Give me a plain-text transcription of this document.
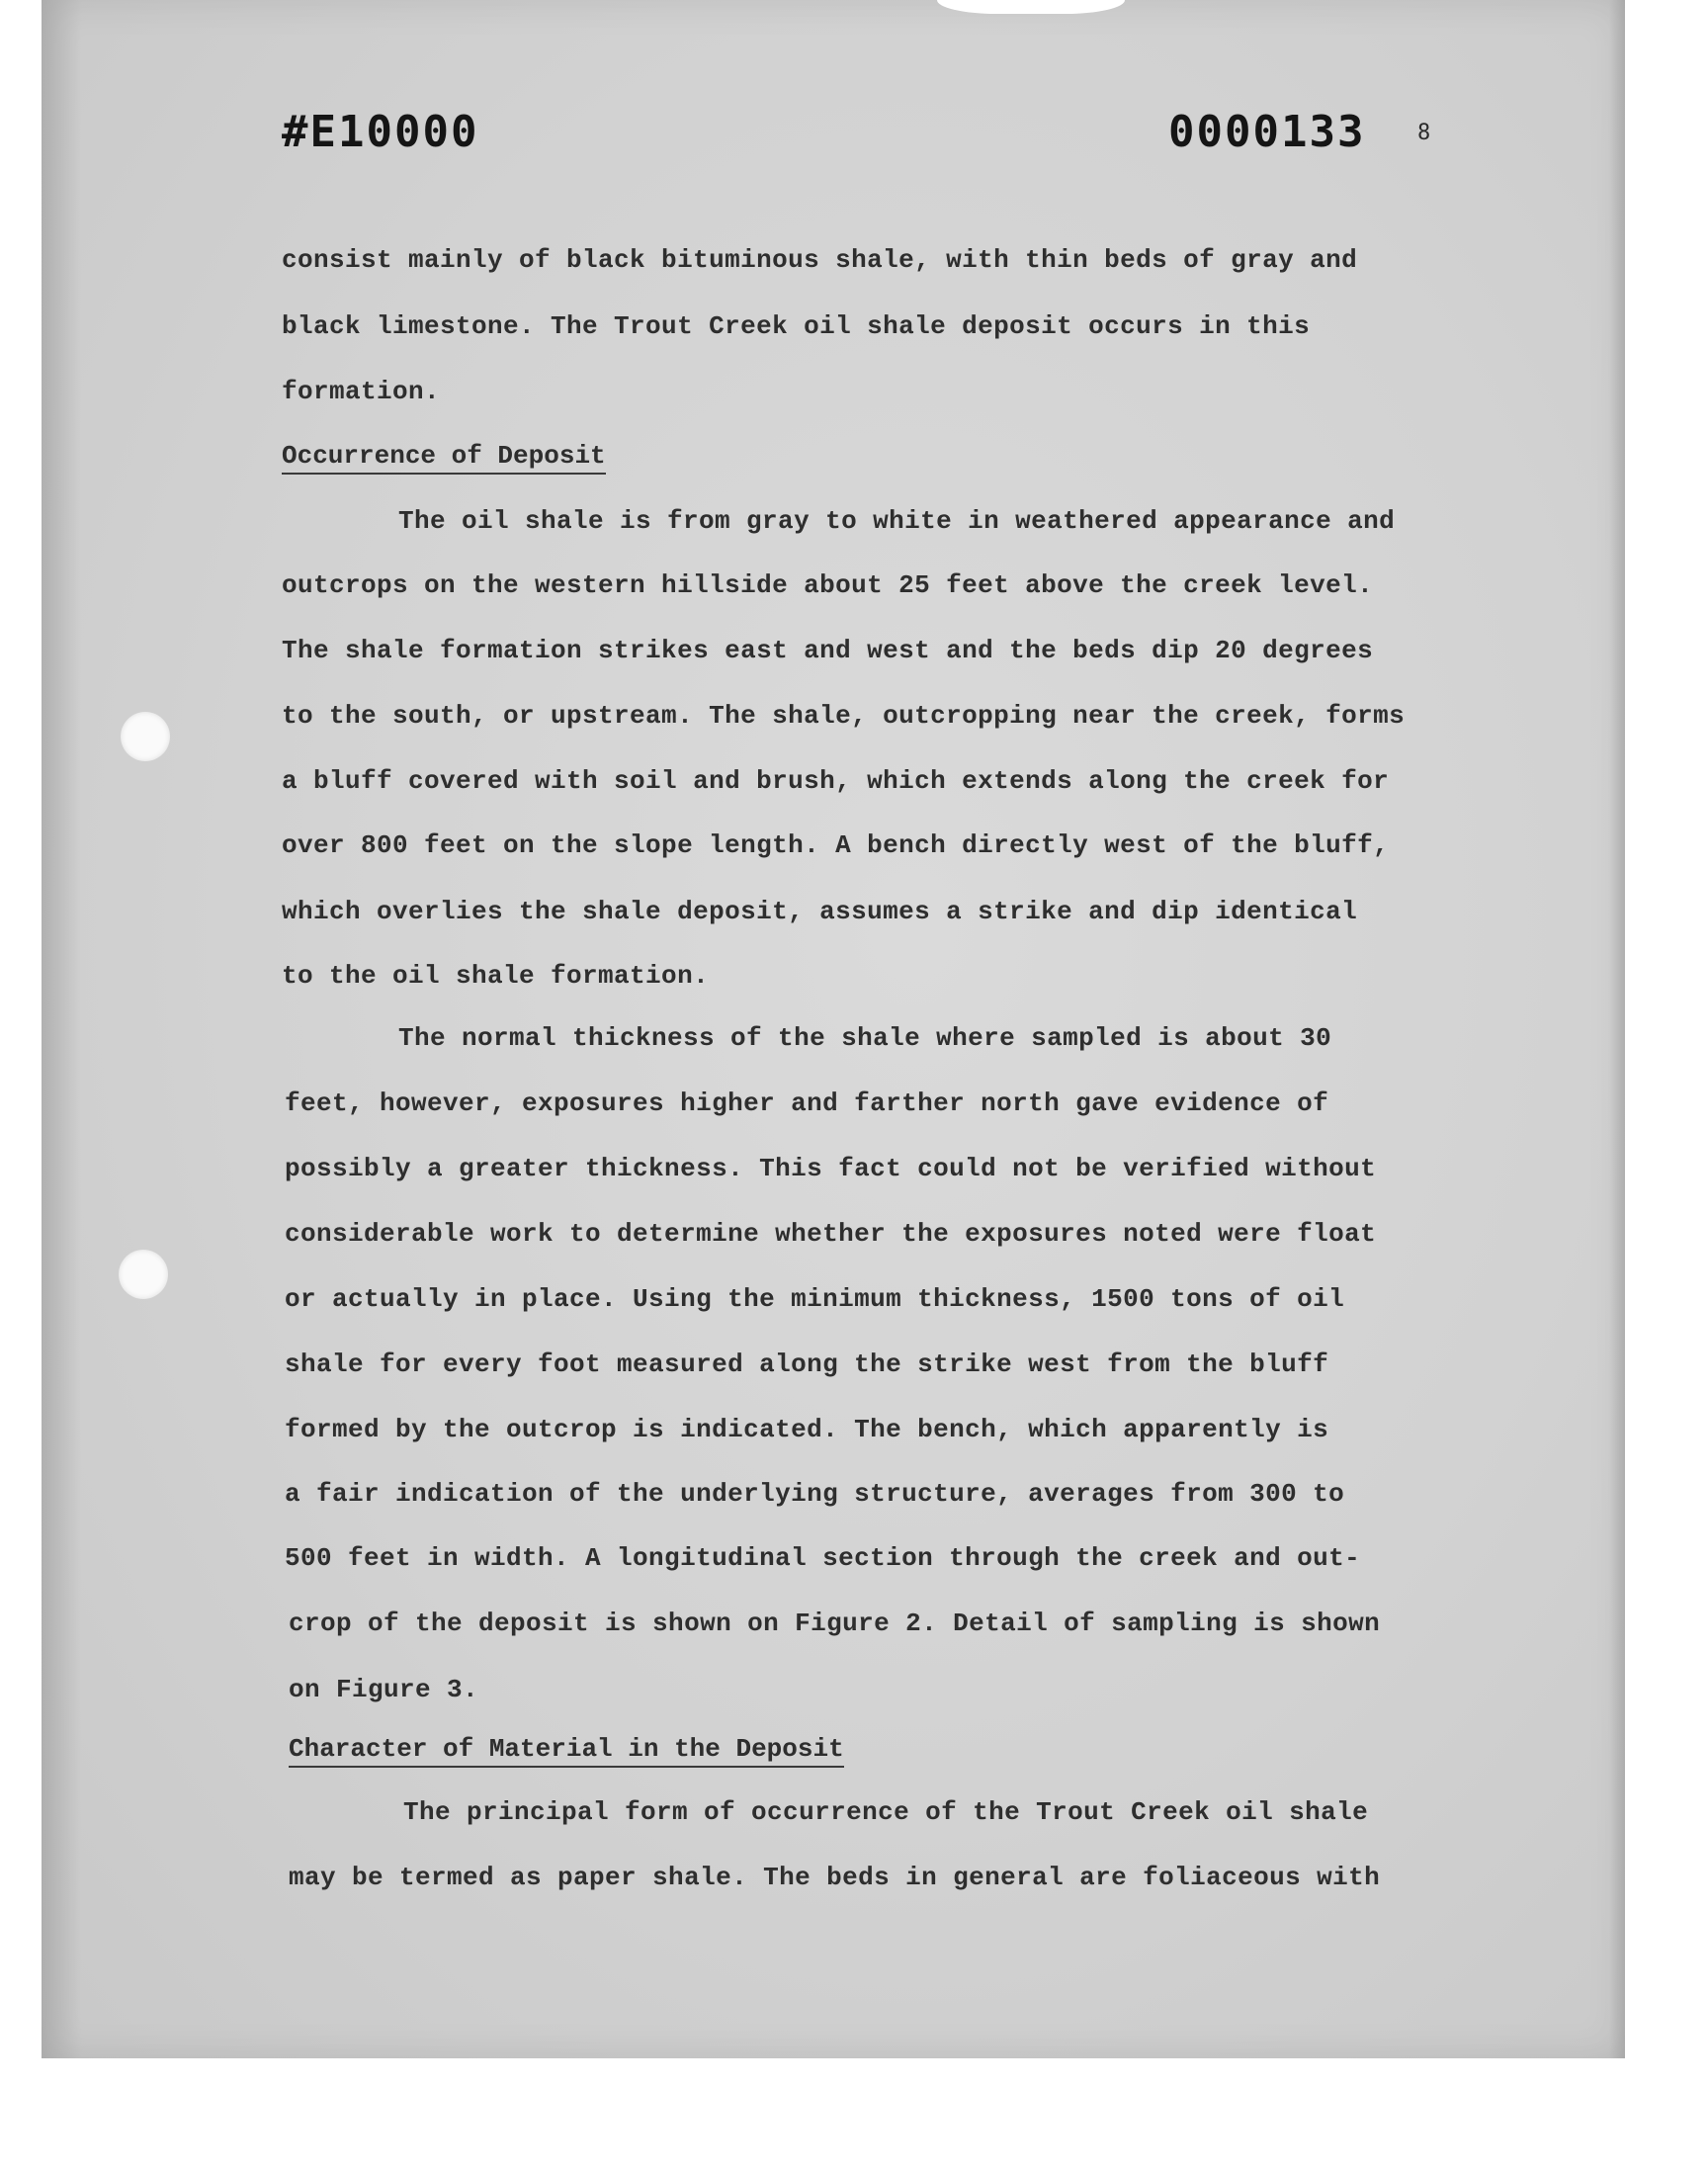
#E10000	0000133 8
consist mainly of black bituminous shale, with thin beds of gray and
black limestone. The Trout Creek oil shale deposit occurs in this
formation.
Occurrence of Deposit
The oil shale is from gray to white in weathered appearance and
outcrops on the western hillside about 25 feet above the creek level.
The shale formation strikes east and west and the beds dip 20 degrees
to the south, or upstream. The shale, outcropping near the creek, forms
a bluff covered with soil and brush, which extends along the creek for
over 800 feet on the slope length. A bench directly west of the bluff,
which overlies the shale deposit, assumes a strike and dip identical
to the oil shale formation.
The normal thickness of the shale where sampled is about 30
feet, however, exposures higher and farther north gave evidence of
possibly a greater thickness. This fact could not be verified without
considerable work to determine whether the exposures noted were float
or actually in place. Using the minimum thickness, 1500 tons of oil
shale for every foot measured along the strike west from the bluff
formed by the outcrop is indicated. The bench, which apparently is
a fair indication of the underlying structure, averages from 300 to
500 feet in width. A longitudinal section through the creek and out-
crop of the deposit is shown on Figure 2. Detail of sampling is shown
on Figure 3.
Character of Material in the Deposit
The principal form of occurrence of the Trout Creek oil shale
may be termed as paper shale. The beds in general are foliaceous with
